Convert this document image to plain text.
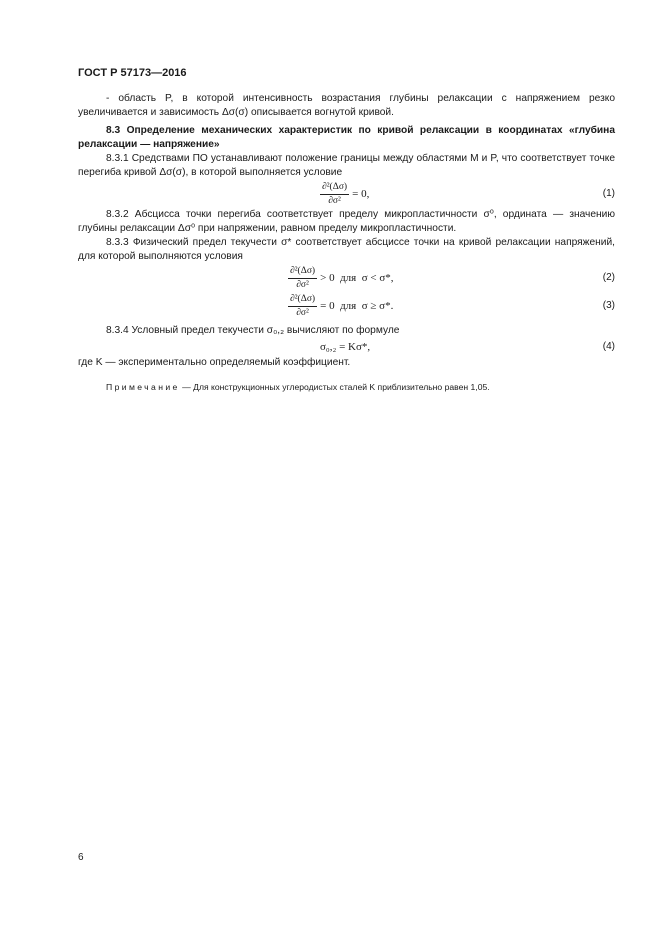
ГОСТ Р 57173—2016

- область P, в которой интенсивность возрастания глубины релаксации с напряжением резко увеличивается и зависимость Δσ(σ) описывается вогнутой кривой.

8.3 Определение механических характеристик по кривой релаксации в координатах «глубина релаксации — напряжение»

8.3.1 Средствами ПО устанавливают положение границы между областями M и P, что соответствует точке перегиба кривой Δσ(σ), в которой выполняется условие

$\frac{\text{∂²(Δσ)}}{\text{∂σ²}} = 0$,	(1)

8.3.2 Абсцисса точки перегиба соответствует пределу микропластичности σ⁰, ордината — значению глубины релаксации Δσ⁰ при напряжении, равном пределу микропластичности.

8.3.3 Физический предел текучести σ* соответствует абсциссе точки на кривой релаксации напряжений, для которой выполняются условия

$\frac{\text{∂²(Δσ)}}{\text{∂σ²}} > 0$  для  σ < σ*,	(2)
$\frac{\text{∂²(Δσ)}}{\text{∂σ²}} = 0$  для  σ ≥ σ*.	(3)

8.3.4 Условный предел текучести σ₀,₂ вычисляют по формуле

σ₀,₂ = Kσ*,	(4)

где K — экспериментально определяемый коэффициент.

Примечание — Для конструкционных углеродистых сталей K приблизительно равен 1,05.

6
